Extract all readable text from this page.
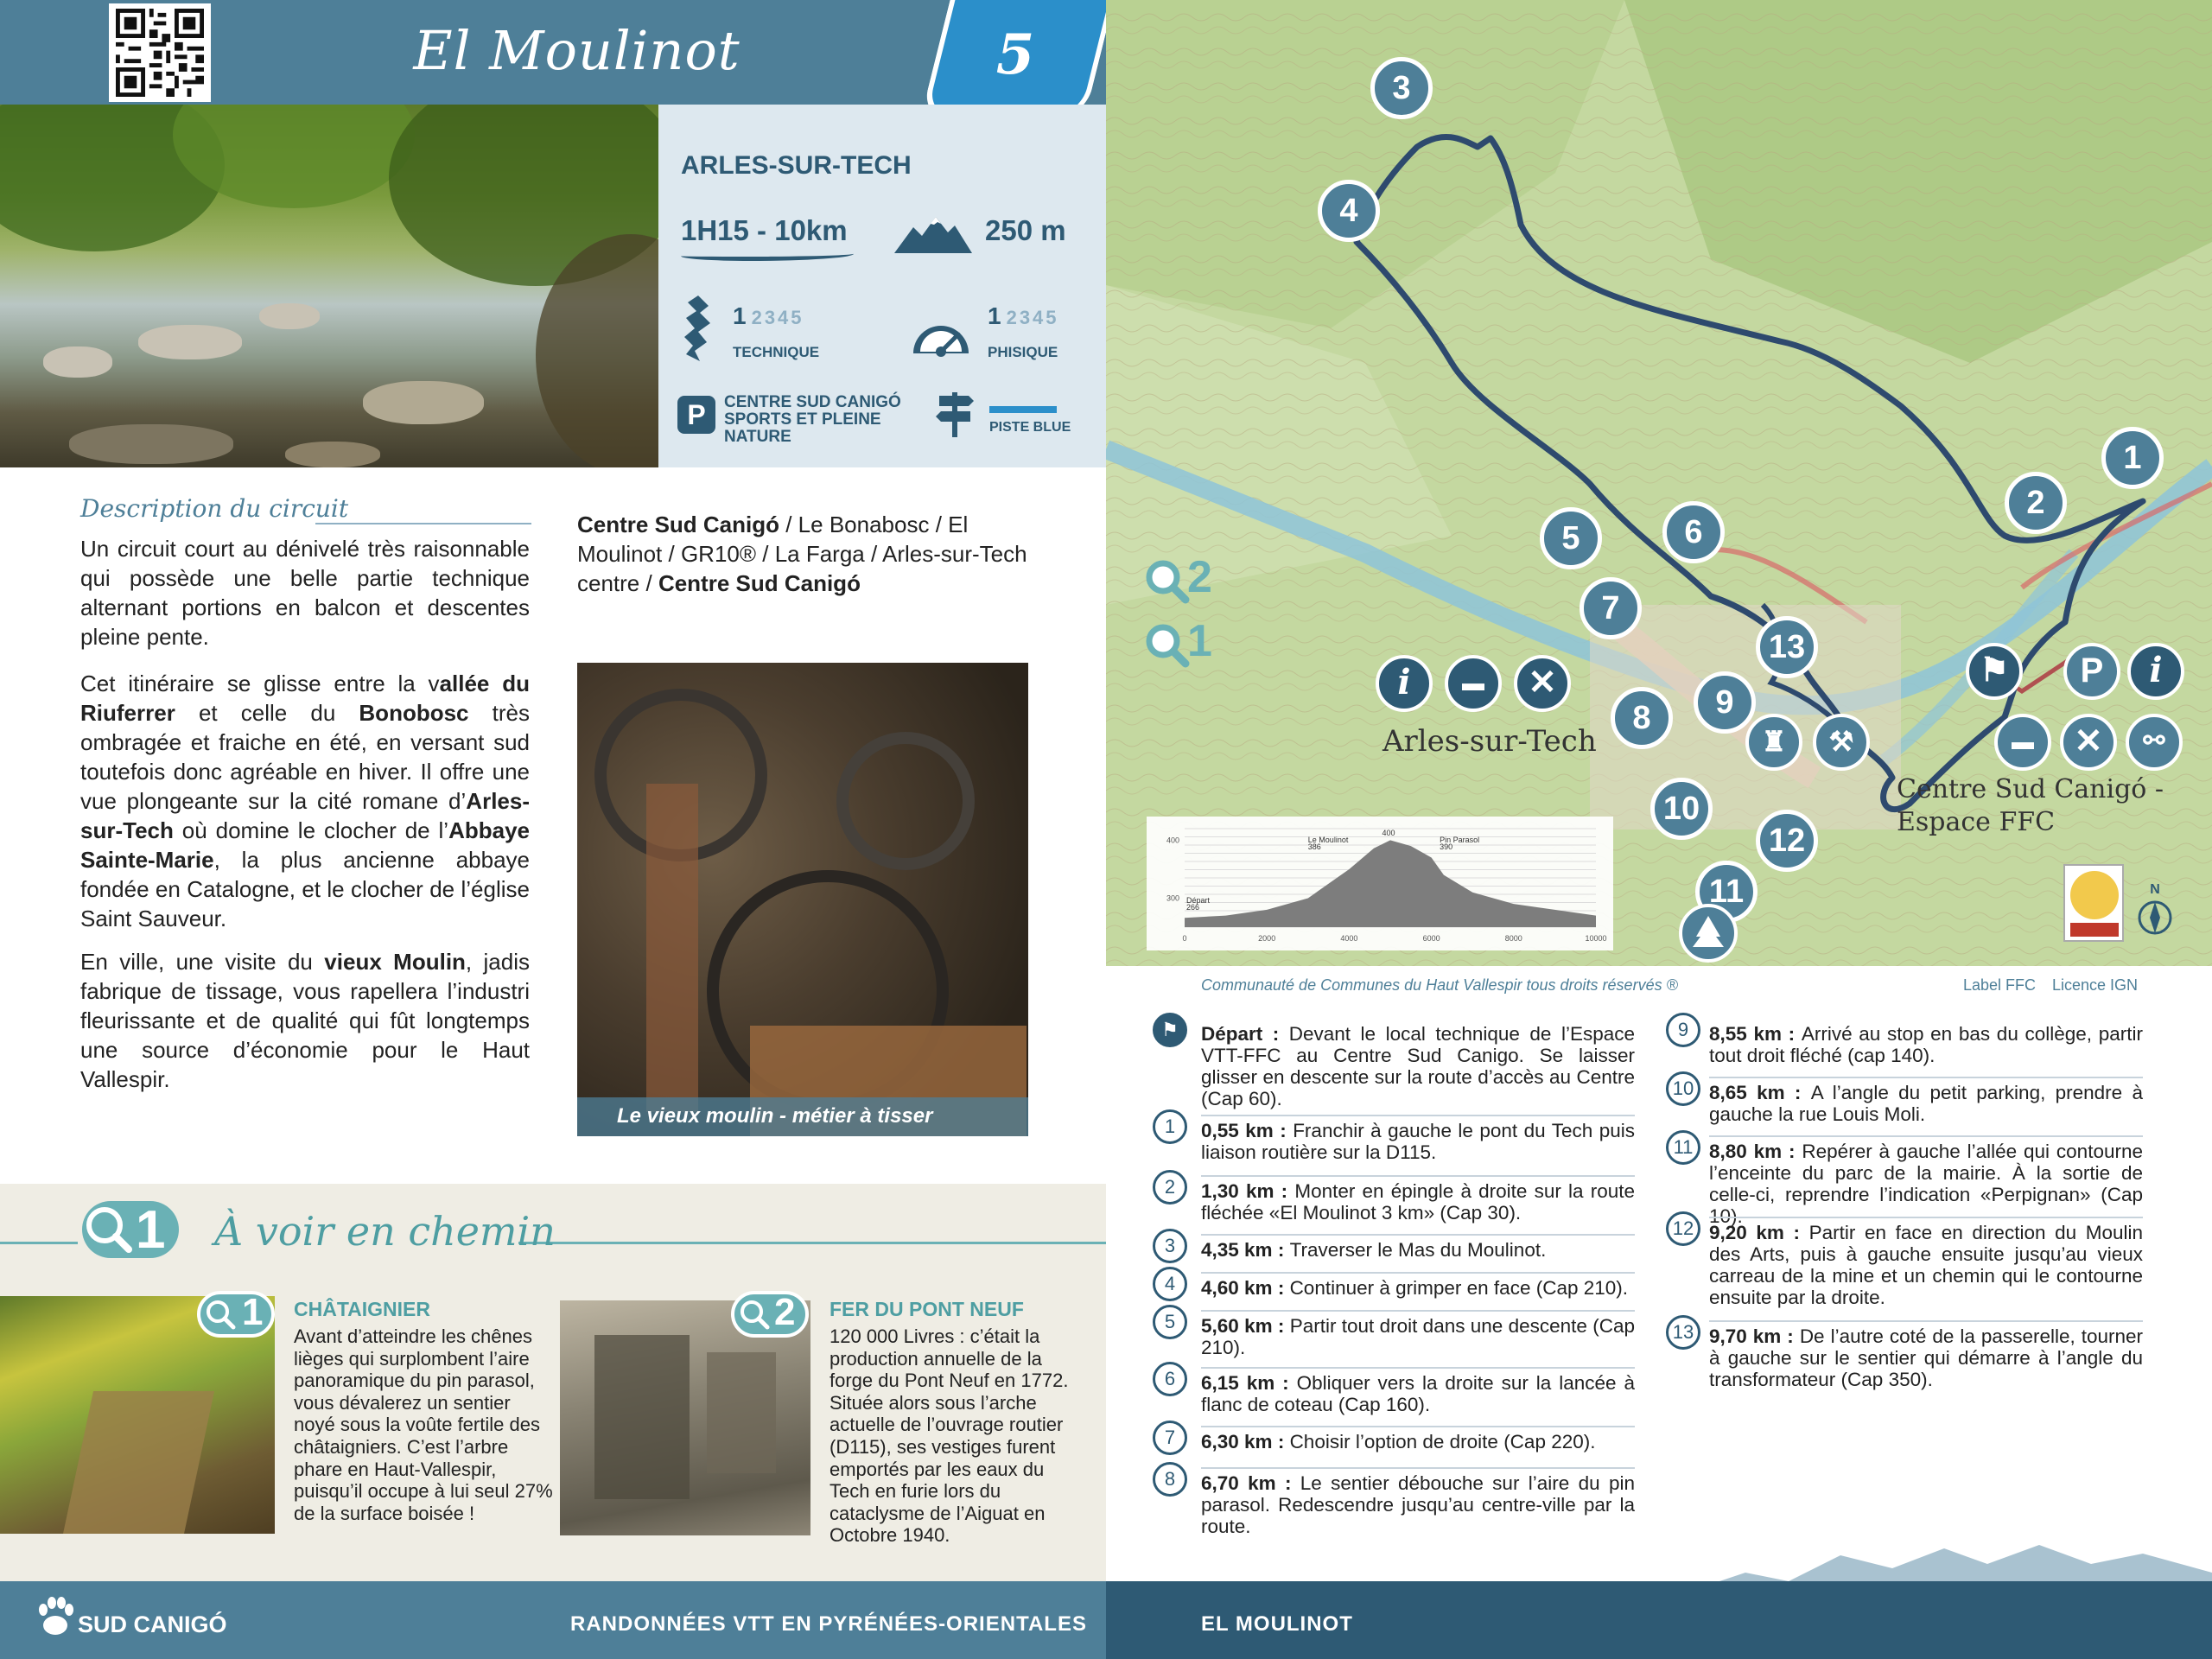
El Moulinot	5
ARLES-SUR-TECH
1H15 - 10km	250 m
1 2345
TECHNIQUE
1 2345
PHISIQUE
P	CENTRE SUD CANIGÓ SPORTS ET PLEINE NATURE
PISTE BLUE
Description du circuit

Un circuit court au dénivelé très raisonnable qui possède une belle partie technique alternant portions en balcon et descentes pleine pente.

Cet itinéraire se glisse entre la vallée du Riuferrer et celle du Bonobosc très ombragée et fraiche en été, en versant sud toutefois donc agréable en hiver. Il offre une vue plongeante sur la cité romane d’Arles-sur-Tech où domine le clocher de l’Abbaye Sainte-Marie, la plus ancienne abbaye fondée en Catalogne, et le clocher de l’église Saint Sauveur.

En ville, une visite du vieux Moulin, jadis fabrique de tissage, vous rapellera l’industri fleurissante et de qualité qui fût longtemps une source d’économie pour le Haut Vallespir.

Centre Sud Canigó / Le Bonabosc / El Moulinot / GR10® / La Farga / Arles-sur-Tech centre / Centre Sud Canigó

Le vieux moulin - métier à tisser
1 À voir en chemin
1 CHÂTAIGNIER
Avant d’atteindre les chênes lièges qui surplombent l’aire panoramique du pin parasol, vous dévalerez un sentier noyé sous la voûte fertile des châtaigniers. C’est l’arbre phare en Haut-Vallespir, puisqu’il occupe à lui seul 27% de la surface boisée !
2 FER DU PONT NEUF
120 000 Livres : c’était la production annuelle de la forge du Pont Neuf en 1772. Située alors sous l’arche actuelle de l’ouvrage routier (D115), ses vestiges furent emportés par les eaux du Tech en furie lors du cataclysme de l’Aiguat en Octobre 1940.
SUD CANIGÓ	RANDONNÉES VTT EN PYRÉNÉES-ORIENTALES
1
2
3
4
5	6
7
8	9
10
11
12
13
2
1
i	▬	✕	⚑	P	i
▬	✕	⚯
♜	⚒
Arles-sur-Tech
Centre Sud Canigó -
Espace FFC
N
0	2000	4000	6000	8000	10000
400
300 Départ
266
Le Moulinot
386
400
Pin Parasol
390
Communauté de Communes du Haut Vallespir tous droits réservés ®	Label FFC Licence IGN
⚑	Départ : Devant le local technique de l’Espace VTT-FFC au Centre Sud Canigo. Se laisser glisser en descente sur la route d’accès au Centre (Cap 60).
1	0,55 km : Franchir à gauche le pont du Tech puis liaison routière sur la D115.
2	1,30 km : Monter en épingle à droite sur la route fléchée «El Moulinot 3 km» (Cap 30).
3	4,35 km : Traverser le Mas du Moulinot.
4	4,60 km : Continuer à grimper en face (Cap 210).
5	5,60 km : Partir tout droit dans une descente (Cap 210).
6	6,15 km : Obliquer vers la droite sur la lancée à flanc de coteau (Cap 160).
7	6,30 km : Choisir l’option de droite (Cap 220).
8	6,70 km : Le sentier débouche sur l’aire du pin parasol. Redescendre jusqu’au centre-ville par la route.
9	8,55 km : Arrivé au stop en bas du collège, partir tout droit fléché (cap 140).
10 8,65 km : A l’angle du petit parking, prendre à gauche la rue Louis Moli.
11 8,80 km : Repérer à gauche l’allée qui contourne l’enceinte du parc de la mairie. À la sortie de celle-ci, reprendre l’indication «Perpignan» (Cap 10).
12 9,20 km : Partir en face en direction du Moulin des Arts, puis à gauche ensuite jusqu’au vieux carreau de la mine et un chemin qui le contourne ensuite par la droite.
13 9,70 km : De l’autre coté de la passerelle, tourner à gauche sur le sentier qui démarre à l’angle du transformateur (Cap 350).
EL MOULINOT
